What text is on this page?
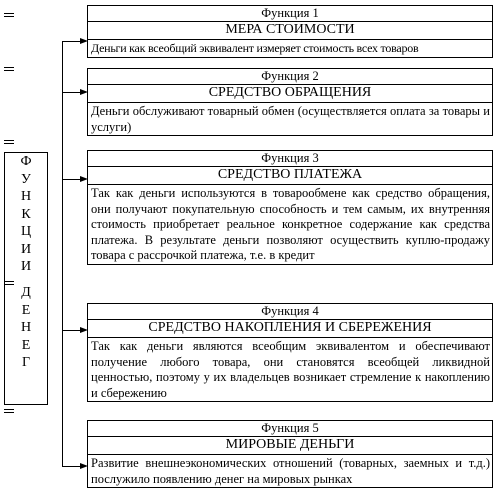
Ф
У
Н
К
Ц
И
И
Д
Е
Н
Е
Г
Функция 1
МЕРА СТОИМОСТИ
Деньги как всеобщий эквивалент измеряет стоимость всех товаров
Функция 2
СРЕДСТВО ОБРАЩЕНИЯ
Деньги обслуживают товарный обмен (осуществляется оплата за товары и услуги)
Функция 3
СРЕДСТВО ПЛАТЕЖА
Так как деньги используются в товарообмене как средство обращения, они получают покупательную способность и тем самым, их внутренняя стоимость приобретает реальное конкретное содержание как средства платежа. В результате деньги позволяют осуществить куплю-продажу товара с рассрочкой платежа, т.е. в кредит
Функция 4
СРЕДСТВО НАКОПЛЕНИЯ И СБЕРЕЖЕНИЯ
Так как деньги являются всеобщим эквивалентом и обеспечивают получение любого товара, они становятся всеобщей ликвидной ценностью, поэтому у их владельцев возникает стремление к накоплению и сбережению
Функция 5
МИРОВЫЕ ДЕНЬГИ
Развитие внешнеэкономических отношений (товарных, заемных и т.д.) послужило появлению денег на мировых рынках
